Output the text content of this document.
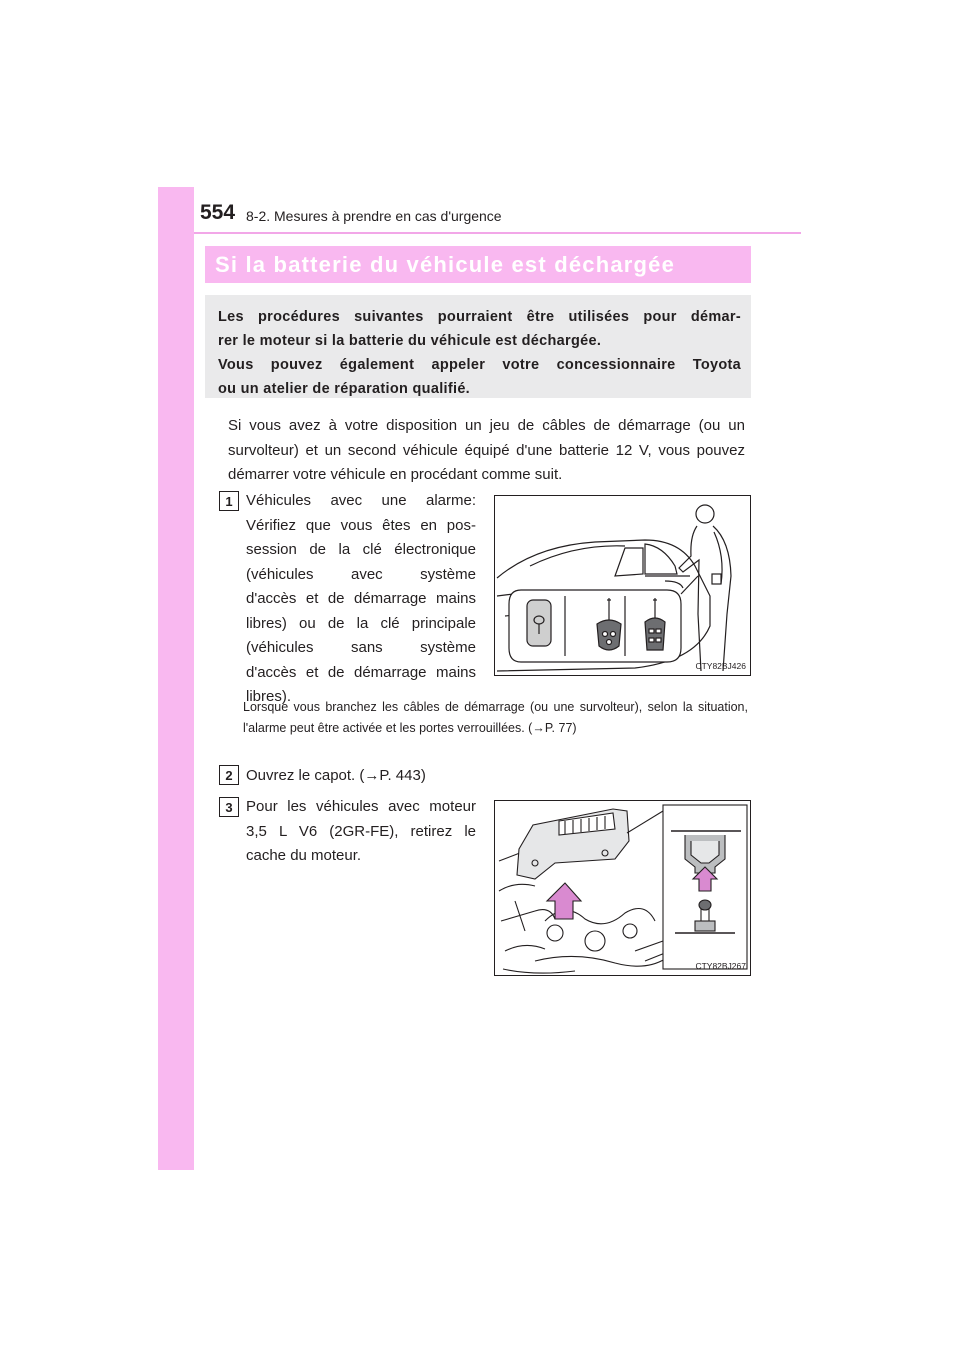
554 8-2. Mesures à prendre en cas d'urgence
Si la batterie du véhicule est déchargée

Les procédures suivantes pourraient être utilisées pour démar-

rer le moteur si la batterie du véhicule est déchargée.

Vous pouvez également appeler votre concessionnaire Toyota

ou un atelier de réparation qualifié.

Si vous avez à votre disposition un jeu de câbles de démarrage (ou un survolteur) et un second véhicule équipé d'une batterie 12 V, vous pouvez démarrer votre véhicule en procédant comme suit.

1 Véhicules avec une alarme:
Vérifiez que vous êtes en pos-
session de la clé électronique
(véhicules avec système
d'accès et de démarrage mains
libres) ou de la clé principale
(véhicules sans système
d'accès et de démarrage mains
libres).
CTY82BJ426

Lorsque vous branchez les câbles de démarrage (ou une survolteur), selon la situation, l'alarme peut être activée et les portes verrouillées. (→P. 77)

2 Ouvrez le capot. (→P. 443)
3 Pour les véhicules avec moteur
3,5 L V6 (2GR-FE), retirez le
cache du moteur.
CTY82BJ267
